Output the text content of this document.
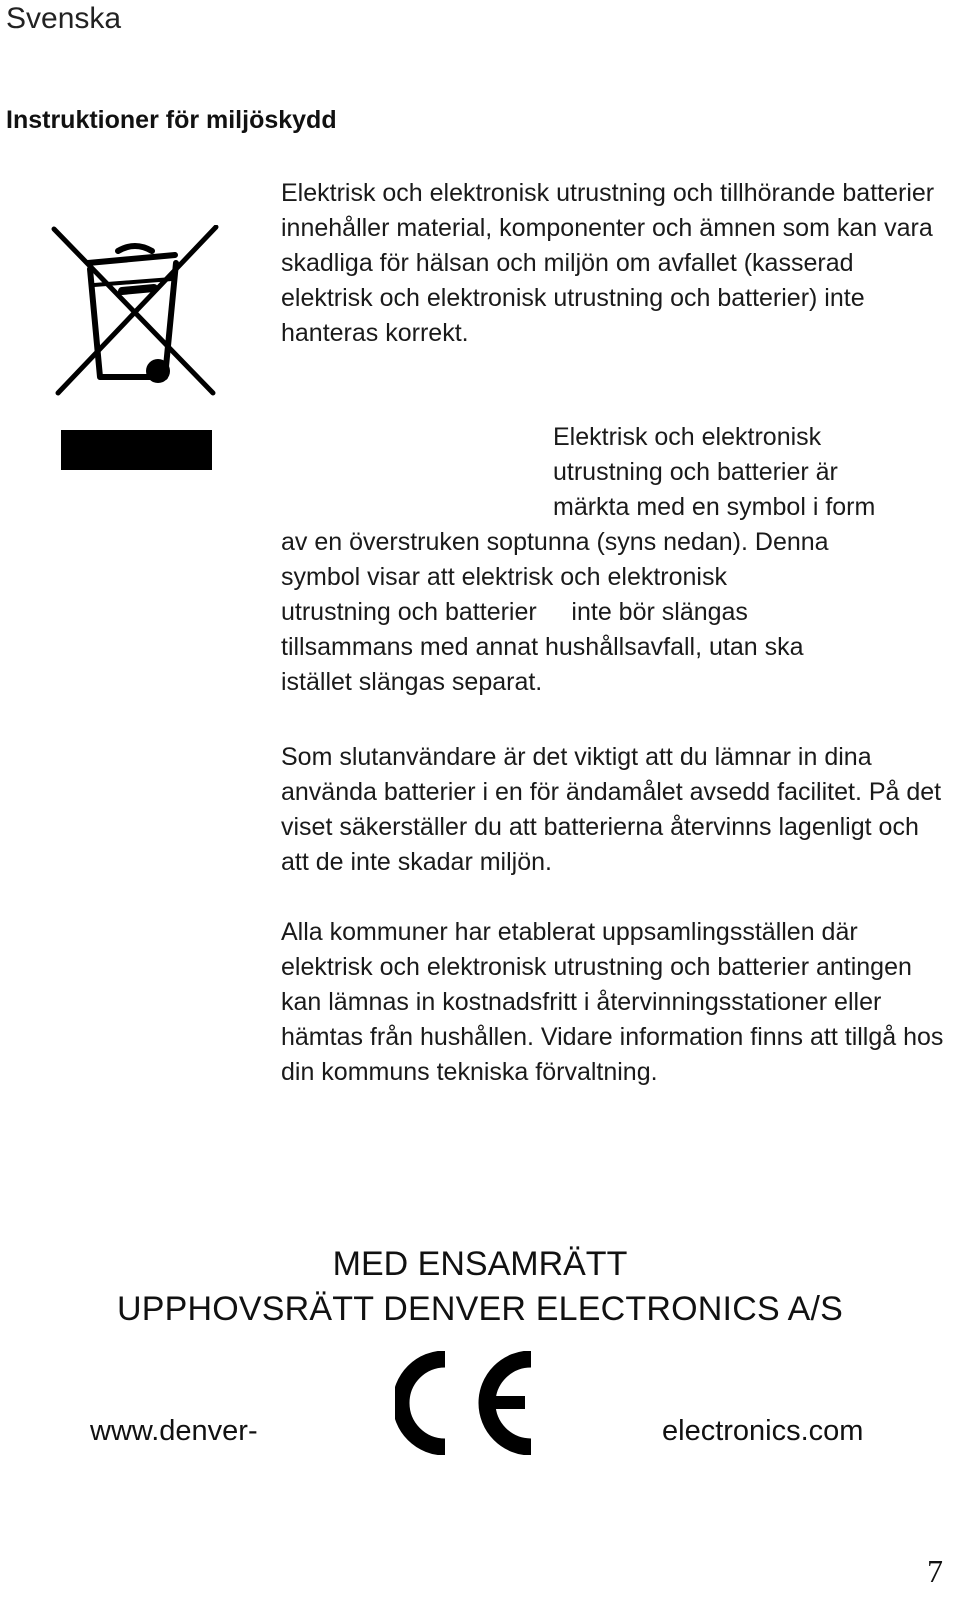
Svenska
Instruktioner för miljöskydd
Elektrisk och elektronisk utrustning och tillhörande batterier innehåller material, komponenter och ämnen som kan vara skadliga för hälsan och miljön om avfallet (kasserad elektrisk och elektronisk utrustning och batterier) inte hanteras korrekt.
Elektrisk och elektronisk
utrustning och batterier är
märkta med en symbol i form
av en överstruken soptunna (syns nedan). Denna
symbol visar att elektrisk och elektronisk
utrustning och batterier     inte bör slängas
tillsammans med annat hushållsavfall, utan ska
istället slängas separat.
Som slutanvändare är det viktigt att du lämnar in dina använda batterier i en för ändamålet avsedd facilitet. På det viset säkerställer du att batterierna återvinns lagenligt och att de inte skadar miljön.
Alla kommuner har etablerat uppsamlingsställen där elektrisk och elektronisk utrustning och batterier antingen kan lämnas in kostnadsfritt i återvinningsstationer eller hämtas från hushållen. Vidare information finns att tillgå hos din kommuns tekniska förvaltning.
MED ENSAMRÄTT
UPPHOVSRÄTT DENVER ELECTRONICS A/S
www.denver-	electronics.com
7
